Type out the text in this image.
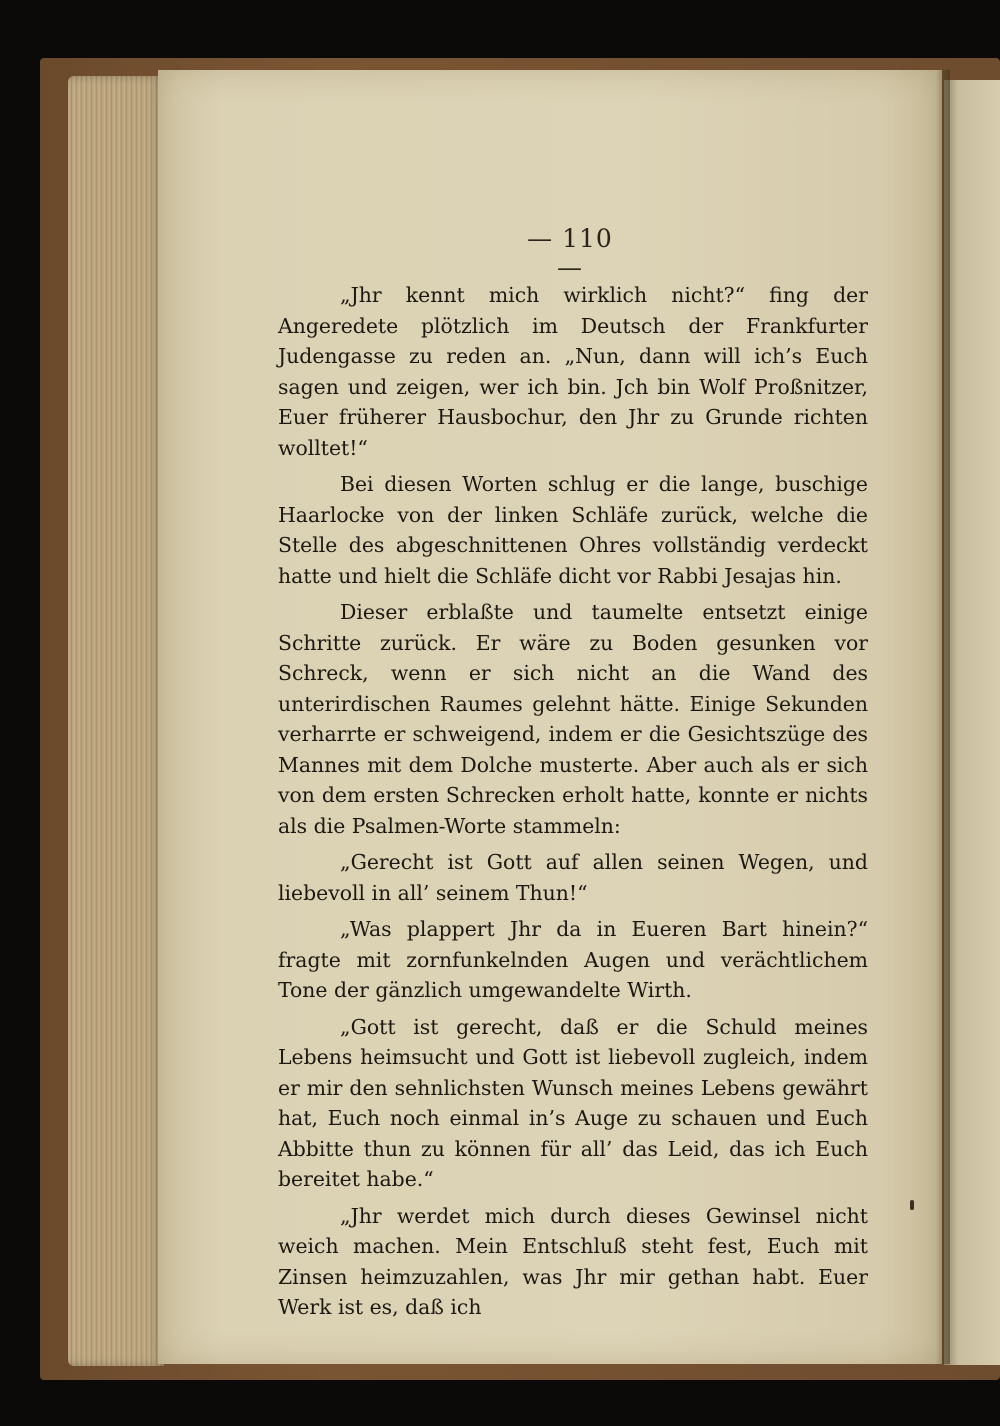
— 110 —

„Jhr kennt mich wirklich nicht?“ fing der Angeredete plötzlich im Deutsch der Frankfurter Judengasse zu reden an. „Nun, dann will ich’s Euch sagen und zeigen, wer ich bin. Jch bin Wolf Proßnitzer, Euer früherer Hausbochur, den Jhr zu Grunde richten wolltet!“

Bei diesen Worten schlug er die lange, buschige Haarlocke von der linken Schläfe zurück, welche die Stelle des abgeschnittenen Ohres vollständig verdeckt hatte und hielt die Schläfe dicht vor Rabbi Jesajas hin.

Dieser erblaßte und taumelte entsetzt einige Schritte zurück. Er wäre zu Boden gesunken vor Schreck, wenn er sich nicht an die Wand des unterirdischen Raumes gelehnt hätte. Einige Sekunden verharrte er schweigend, indem er die Gesichtszüge des Mannes mit dem Dolche musterte. Aber auch als er sich von dem ersten Schrecken erholt hatte, konnte er nichts als die Psalmen-Worte stammeln:

„Gerecht ist Gott auf allen seinen Wegen, und liebevoll in all’ seinem Thun!“

„Was plappert Jhr da in Eueren Bart hinein?“ fragte mit zornfunkelnden Augen und verächtlichem Tone der gänzlich umgewandelte Wirth.

„Gott ist gerecht, daß er die Schuld meines Lebens heimsucht und Gott ist liebevoll zugleich, indem er mir den sehnlichsten Wunsch meines Lebens gewährt hat, Euch noch einmal in’s Auge zu schauen und Euch Abbitte thun zu können für all’ das Leid, das ich Euch bereitet habe.“

„Jhr werdet mich durch dieses Gewinsel nicht weich machen. Mein Entschluß steht fest, Euch mit Zinsen heimzuzahlen, was Jhr mir gethan habt. Euer Werk ist es, daß ich
